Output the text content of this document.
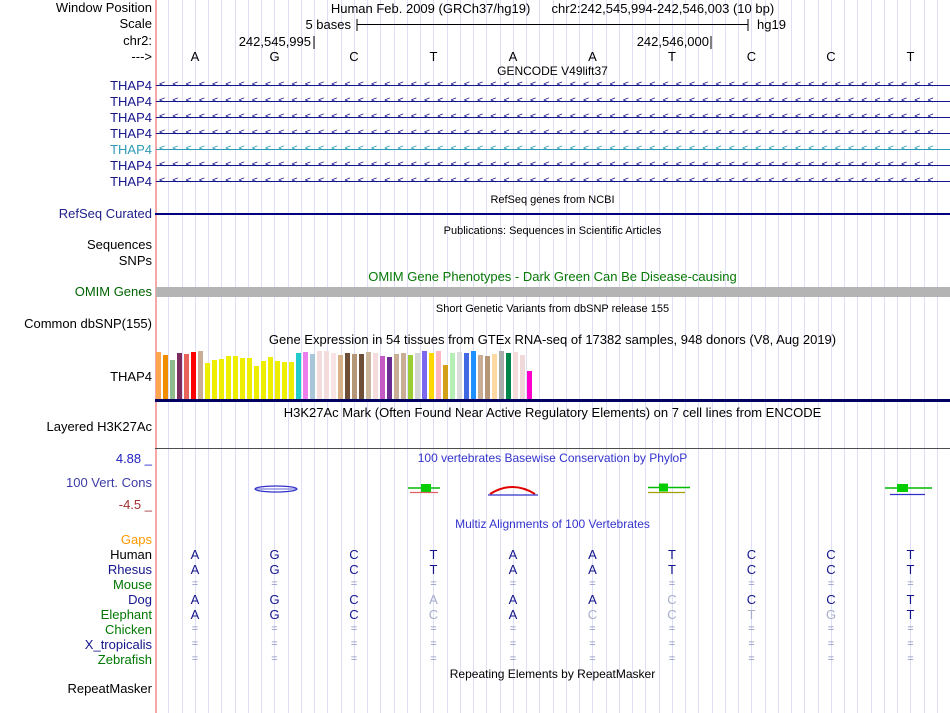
Window Position	Human Feb. 2009 (GRCh37/hg19) chr2:242,545,994-242,546,003 (10 bp)
Scale	5 bases	hg19
chr2:	242,545,995	242,546,000
--->	A	G	C	T	A	A	T	C	C	T
GENCODE V49lift37
THAP4 <<<<<<<<<<<<<<<<<<<<<<<<<<<<<<<<<<<<<<<<<<<<<<<<<<<<<<<<<<<
THAP4 <<<<<<<<<<<<<<<<<<<<<<<<<<<<<<<<<<<<<<<<<<<<<<<<<<<<<<<<<<<
THAP4 <<<<<<<<<<<<<<<<<<<<<<<<<<<<<<<<<<<<<<<<<<<<<<<<<<<<<<<<<<<
THAP4 <<<<<<<<<<<<<<<<<<<<<<<<<<<<<<<<<<<<<<<<<<<<<<<<<<<<<<<<<<<
THAP4 <<<<<<<<<<<<<<<<<<<<<<<<<<<<<<<<<<<<<<<<<<<<<<<<<<<<<<<<<<<
THAP4 <<<<<<<<<<<<<<<<<<<<<<<<<<<<<<<<<<<<<<<<<<<<<<<<<<<<<<<<<<<
THAP4 <<<<<<<<<<<<<<<<<<<<<<<<<<<<<<<<<<<<<<<<<<<<<<<<<<<<<<<<<<<
RefSeq genes from NCBI
RefSeq Curated
Publications: Sequences in Scientific Articles
Sequences
SNPs
OMIM Gene Phenotypes - Dark Green Can Be Disease-causing
OMIM Genes
Short Genetic Variants from dbSNP release 155
Common dbSNP(155)
Gene Expression in 54 tissues from GTEx RNA-seq of 17382 samples, 948 donors (V8, Aug 2019)
THAP4
H3K27Ac Mark (Often Found Near Active Regulatory Elements) on 7 cell lines from ENCODE
Layered H3K27Ac
100 vertebrates Basewise Conservation by PhyloP
4.88 _
100 Vert. Cons
-4.5 _
Multiz Alignments of 100 Vertebrates
Gaps
Human	A	G	C	T	A	A	T	C	C	T
Rhesus	A	G	C	T	A	A	T	C	C	T
Mouse	=	=	=	=	=	=	=	=	=	=
Dog	A	G	C	A	A	A	C	C	C	T
Elephant	A	G	C	C	A	C	C	T	G	T
Chicken	=	=	=	=	=	=	=	=	=	=
X_tropicalis	=	=	=	=	=	=	=	=	=	=
Zebrafish	=	=	=	=	=	=	=	=	=	=
Repeating Elements by RepeatMasker
RepeatMasker
